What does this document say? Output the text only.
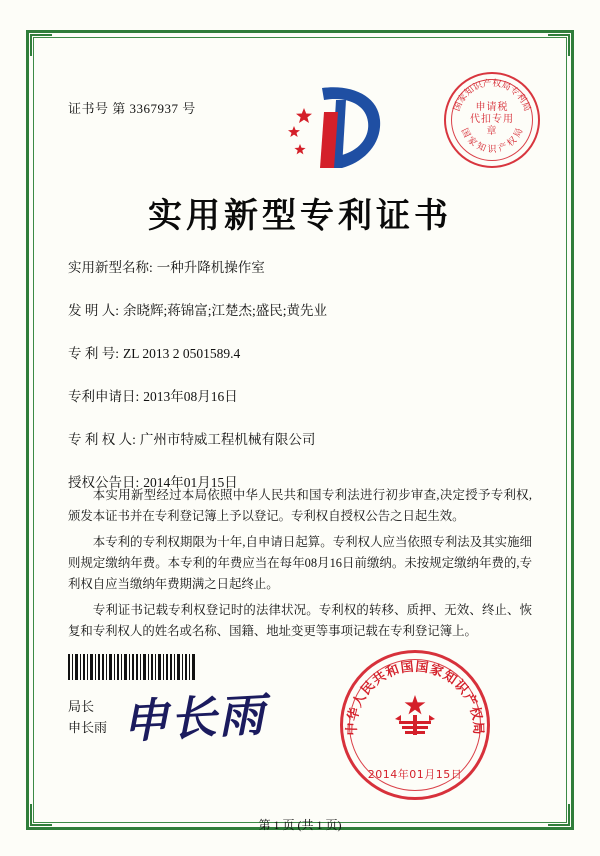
证书号 第 3367937 号	国家知识产权局专利局
国 家 知 识 产 权 局
申请税
代扣专用章
实用新型专利证书
实用新型名称: 一种升降机操作室
发 明 人: 余晓辉;蒋锦富;江楚杰;盛民;黄先业
专 利 号: ZL 2013 2 0501589.4
专利申请日: 2013年08月16日
专 利 权 人: 广州市特威工程机械有限公司
授权公告日: 2014年01月15日

本实用新型经过本局依照中华人民共和国专利法进行初步审查,决定授予专利权,颁发本证书并在专利登记簿上予以登记。专利权自授权公告之日起生效。

本专利的专利权期限为十年,自申请日起算。专利权人应当依照专利法及其实施细则规定缴纳年费。本专利的年费应当在每年08月16日前缴纳。未按规定缴纳年费的,专利权自应当缴纳年费期满之日起终止。

专利证书记载专利权登记时的法律状况。专利权的转移、质押、无效、终止、恢复和专利权人的姓名或名称、国籍、地址变更等事项记载在专利登记簿上。

局长
申长雨 申长雨	中华人民共和国国家知识产权局
2014年01月15日
第 1 页 (共 1 页)
